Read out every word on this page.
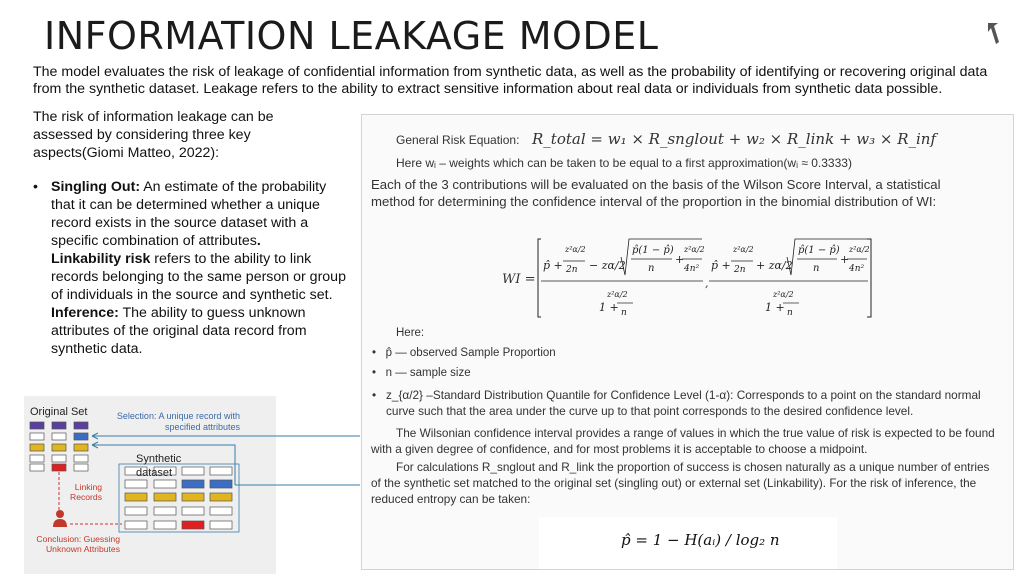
INFORMATION LEAKAGE MODEL
The model evaluates the risk of leakage of confidential information from synthetic data, as well as the probability of identifying or recovering original data from the synthetic dataset. Leakage refers to the ability to extract sensitive information about real data or individuals from synthetic data possible.
The risk of information leakage can be assessed by considering three key aspects(Giomi Matteo, 2022):
• Singling Out: An estimate of the probability that it can be determined whether a unique record exists in the source dataset with a specific combination of attributes.
Linkability risk refers to the ability to link records belonging to the same person or group of individuals in the source and synthetic set.
Inference: The ability to guess unknown attributes of the original data record from synthetic data.
General Risk Equation: R_total = w₁ × R_snglout + w₂ × R_link + w₃ × R_inf
Here wᵢ – weights which can be taken to be equal to a first approximation(wᵢ ≈ 0.3333)
Each of the 3 contributions will be evaluated on the basis of the Wilson Score Interval, a statistical method for determining the confidence interval of the proportion in the binomial distribution of WI:
WI =
p̂ +
z²α/2
2n − zα/2
p̂(1 − p̂)
n
+
z²α/2
4n²
z²α/2
1 + n
,
p̂ +
z²α/2
2n + zα/2
p̂(1 − p̂)
n
+
z²α/2
4n²
z²α/2
1 + n
Here:
•   p̂ — observed Sample Proportion
•   n — sample size
• z_{α/2} –Standard Distribution Quantile for Confidence Level (1-α): Corresponds to a point on the standard normal curve such that the area under the curve up to that point corresponds to the desired confidence level.
The Wilsonian confidence interval provides a range of values in which the true value of risk is expected to be found with a given degree of confidence, and for most problems it is acceptable to choose a midpoint.
For calculations R_snglout and R_link the proportion of success is chosen naturally as a unique number of entries of the synthetic set matched to the original set (singling out) or external set (Linkability). For the risk of inference, the reduced entropy can be taken:
p̂ = 1 − H(aᵢ) / log₂ n
Original Set	Selection: A unique record with specified attributes
Synthetic dataset
Linking Records
Conclusion: Guessing Unknown Attributes
